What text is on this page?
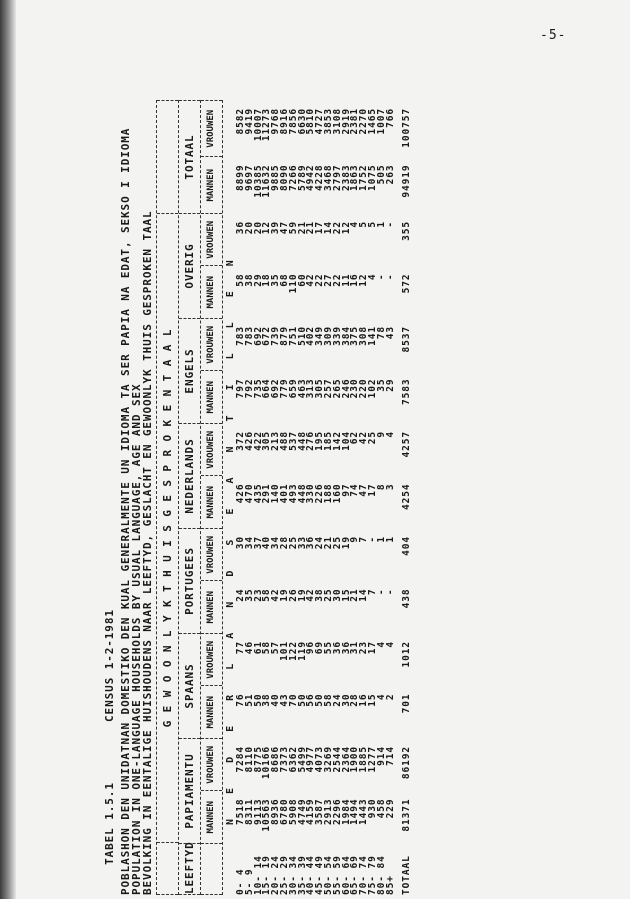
-5-

TABEL 1.5.1        CENSUS 1-2-1981
POBLASHON DEN UNIDATNAN DOMESTIKO DEN KUAL GENERALMENTE UN IDIOMA TA SER PAPIA NA EDAT, SEKSO I IDIOMA
POPULATION IN ONE-LANGUAGE HOUSEHOLDS BY USUAL LANGUAGE, AGE AND SEX
BEVOLKING IN EENTALIGE HUISHOUDENS NAAR LEEFTYD, GESLACHT EN GEWOONLYK THUIS GESPROKEN TAAL G E W O O N L Y K T H U I S G E S P R O K E N T A A L
LEEFTYD
PAPIAMENTU
SPAANS
PORTUGEES
NEDERLANDS
ENGELS
OVERIG
TOTAAL
MANNEN
VROUWEN
MANNEN
VROUWEN
MANNEN
VROUWEN
MANNEN
VROUWEN
MANNEN
VROUWEN
MANNEN
VROUWEN
MANNEN
VROUWEN
N E D E R L A N D S E A N T I L L E N
0- 4
7518
7284
76
77
24
30
426
372
797
783
58
36
8899
8582
5- 9
8311
8110
51
46
35
34
470
426
792
783
38
20
9697
9419
10- 14
9113
8775
50
61
23
37
435
422
735
692
29
20
10385
10007
15- 19
10563
10166
38
58
58
40
291
305
664
672
18
12
11632
11273
20- 24
8936
8686
40
57
42
34
140
213
692
739
35
39
9885
9768
25- 29
6780
7373
43
101
19
28
401
488
779
879
68
47
8090
8916
30- 34
5908
6362
70
122
26
25
493
537
659
751
110
59
7266
7856
35- 39
4749
5499
50
119
19
33
448
448
463
510
60
21
5789
6630
40- 44
4159
4977
56
96
42
36
330
276
313
402
42
21
4942
5810
45- 49
3587
4073
50
69
38
24
226
195
305
349
22
17
4228
4727
50- 54
2913
3269
58
55
25
21
188
185
257
309
27
14
3468
3853
55- 59
2296
2544
24
36
30
25
160
142
265
339
22
22
2797
3108
60- 64
1984
2364
30
36
15
19
97
104
246
384
11
12
2383
2919
65- 69
1494
1900
28
31
21
9
74
62
230
375
16
4
1863
2381
70- 74
1443
1885
16
23
14
7
47
42
220
308
12
5
1752
2270
75- 79
930
1277
15
17
7
-
17
25
102
141
4
5
1075
1465
80- 84
458
914
4
4
-
1
8
9
35
78
-
1
505
1007
85+
229
714
2
4
-
1
3
4
29
43
-
-
263
766
TOTAAL
81371
86192
701
1012
438
404
4254
4257
7583
8537
572
355
94919
100757
